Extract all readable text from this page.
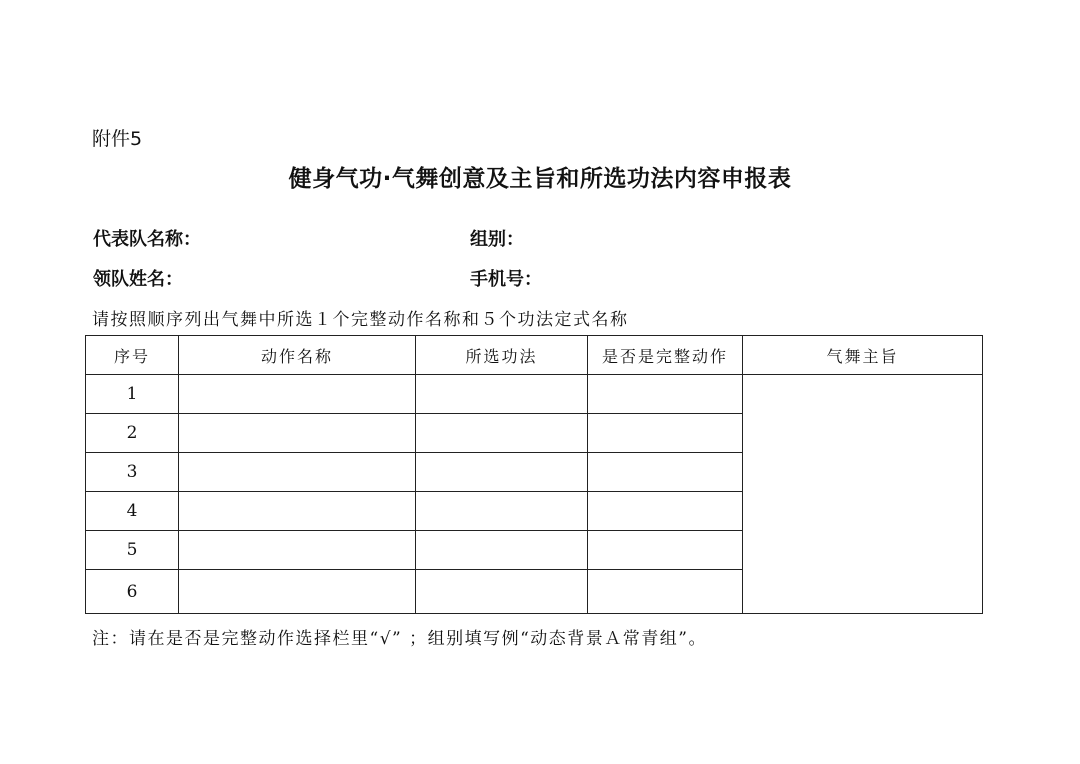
附件5
健身气功·气舞创意及主旨和所选功法内容申报表
代表队名称：	组别：
领队姓名：	手机号：
请按照顺序列出气舞中所选１个完整动作名称和５个功法定式名称
序号	动作名称	所选功法	是否是完整动作	气舞主旨
1				
2				
3				
4				
5				
6				
注：请在是否是完整动作选择栏里“√” ；组别填写例“动态背景Ａ常青组”。
